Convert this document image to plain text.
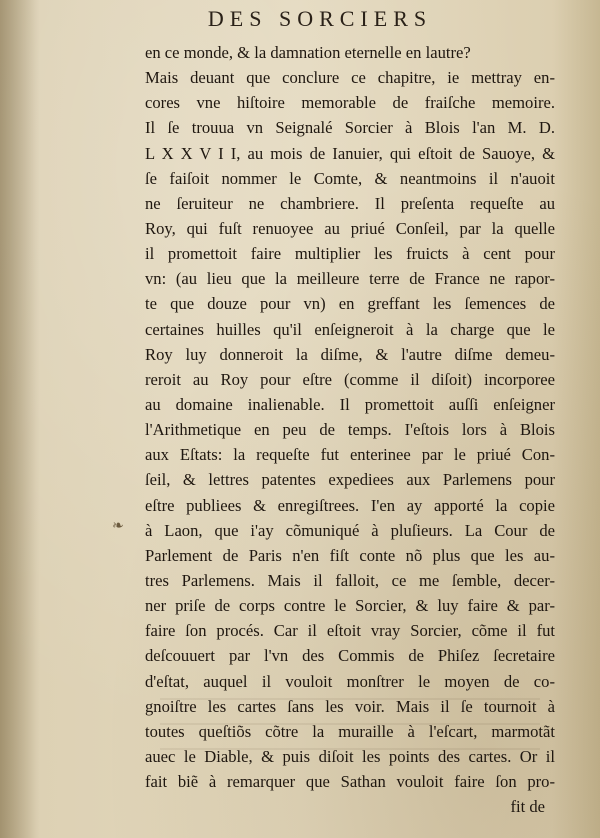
DES SORCIERS
❧
en ce monde, & la damnation eternelle en lautre?
Mais deuant que conclure ce chapitre, ie mettray en-
cores vne hiſtoire memorable de fraiſche memoire.
Il ſe trouua vn Seignalé Sorcier à Blois l'an M. D.
L X X V I I, au mois de Ianuier, qui eſtoit de Sauoye, &
ſe faiſoit nommer le Comte, & neantmoins il n'auoit
ne ſeruiteur ne chambriere. Il preſenta requeſte au
Roy, qui fuſt renuoyee au priué Conſeil, par la quelle
il promettoit faire multiplier les fruicts à cent pour
vn: (au lieu que la meilleure terre de France ne rapor-
te que douze pour vn) en greffant les ſemences de
certaines huilles qu'il enſeigneroit à la charge que le
Roy luy donneroit la diſme, & l'autre diſme demeu-
reroit au Roy pour eſtre (comme il diſoit) incorporee
au domaine inalienable. Il promettoit auſſi enſeigner
l'Arithmetique en peu de temps. I'eſtois lors à Blois
aux Eſtats: la requeſte fut enterinee par le priué Con-
ſeil, & lettres patentes expediees aux Parlemens pour
eſtre publiees & enregiſtrees. I'en ay apporté la copie
à Laon, que i'ay cõmuniqué à pluſieurs. La Cour de
Parlement de Paris n'en fiſt conte nõ plus que les au-
tres Parlemens. Mais il falloit, ce me ſemble, decer-
ner priſe de corps contre le Sorcier, & luy faire & par-
faire ſon procés. Car il eſtoit vray Sorcier, cõme il fut
deſcouuert par l'vn des Commis de Phiſez ſecretaire
d'eſtat, auquel il vouloit monſtrer le moyen de co-
gnoiſtre les cartes ſans les voir. Mais il ſe tournoit à
toutes queſtiõs cõtre la muraille à l'eſcart, marmotãt
auec le Diable, & puis diſoit les points des cartes. Or il
fait biẽ à remarquer que Sathan vouloit faire ſon pro-
fit de
